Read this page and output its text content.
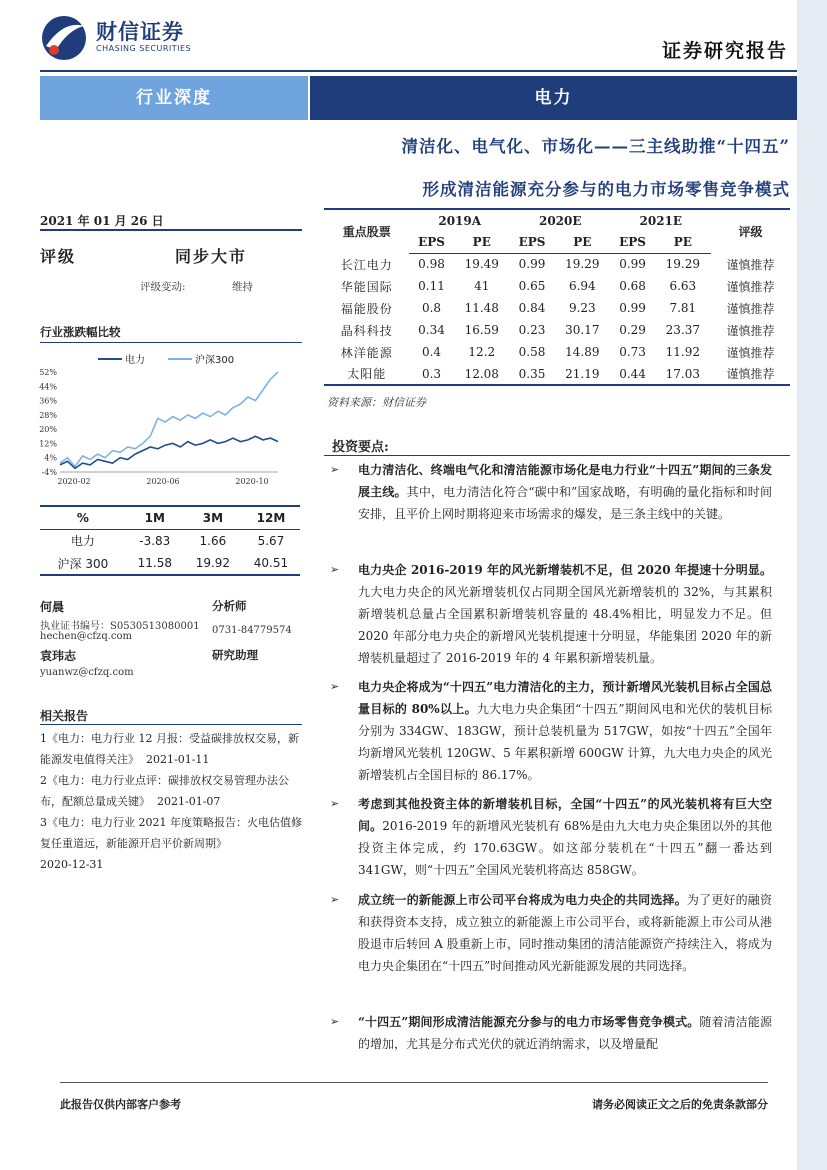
财信证券
CHASING SECURITIES	证券研究报告
行业深度	电力
清洁化、电气化、市场化——三主线助推“十四五”
形成清洁能源充分参与的电力市场零售竞争模式
2021 年 01 月 26 日
评级	同步大市
评级变动:	维持
行业涨跌幅比较
52%
44%
36%
28%
20%
12%
4%
-4%
2020-02	2020-06	2020-10
电力	沪深300
%	1M	3M	12M
电力	-3.83	1.66	5.67
沪深 300	11.58	19.92	40.51
何晨	分析师
执业证书编号：S0530513080001 0731-84779574
hechen@cfzq.com
袁玮志	研究助理
yuanwz@cfzq.com
相关报告
1《电力：电力行业 12 月报：受益碳排放权交易，新能源发电值得关注》 2021-01-11
2《电力：电力行业点评：碳排放权交易管理办法公布，配额总量成关键》 2021-01-07
3《电力：电力行业 2021 年度策略报告：火电估值修复任重道远，新能源开启平价新周期》
2020-12-31
重点股票	2019A		2020E		2021E		评级
	EPS	PE	EPS	PE	EPS	PE	
长江电力	0.98	19.49	0.99	19.29	0.99	19.29	谨慎推荐
华能国际	0.11	41	0.65	6.94	0.68	6.63	谨慎推荐
福能股份	0.8	11.48	0.84	9.23	0.99	7.81	谨慎推荐
晶科科技	0.34	16.59	0.23	30.17	0.29	23.37	谨慎推荐
林洋能源	0.4	12.2	0.58	14.89	0.73	11.92	谨慎推荐
太阳能	0.3	12.08	0.35	21.19	0.44	17.03	谨慎推荐
资料来源：财信证券
投资要点:
➢ 电力清洁化、终端电气化和清洁能源市场化是电力行业“十四五”期间的三条发展主线。其中，电力清洁化符合“碳中和”国家战略，有明确的量化指标和时间安排，且平价上网时期将迎来市场需求的爆发，是三条主线中的关键。
➢ 电力央企 2016-2019 年的风光新增装机不足，但 2020 年提速十分明显。九大电力央企的风光新增装机仅占同期全国风光新增装机的 32%，与其累积新增装机总量占全国累积新增装机容量的 48.4%相比，明显发力不足。但 2020 年部分电力央企的新增风光装机提速十分明显，华能集团 2020 年的新增装机量超过了 2016-2019 年的 4 年累积新增装机量。
➢ 电力央企将成为“十四五”电力清洁化的主力，预计新增风光装机目标占全国总量目标的 80%以上。九大电力央企集团“十四五”期间风电和光伏的装机目标分别为 334GW、183GW，预计总装机量为 517GW，如按“十四五”全国年均新增风光装机 120GW、5 年累积新增 600GW 计算，九大电力央企的风光新增装机占全国目标的 86.17%。
➢ 考虑到其他投资主体的新增装机目标，全国“十四五”的风光装机将有巨大空间。2016-2019 年的新增风光装机有 68%是由九大电力央企集团以外的其他投资主体完成，约 170.63GW。如这部分装机在“十四五”翻一番达到 341GW，则“十四五”全国风光装机将高达 858GW。
➢ 成立统一的新能源上市公司平台将成为电力央企的共同选择。为了更好的融资和获得资本支持，成立独立的新能源上市公司平台，或将新能源上市公司从港股退市后转回 A 股重新上市，同时推动集团的清洁能源资产持续注入，将成为电力央企集团在“十四五”时间推动风光新能源发展的共同选择。
➢ “十四五”期间形成清洁能源充分参与的电力市场零售竞争模式。随着清洁能源的增加，尤其是分布式光伏的就近消纳需求，以及增量配
此报告仅供内部客户参考	请务必阅读正文之后的免责条款部分
